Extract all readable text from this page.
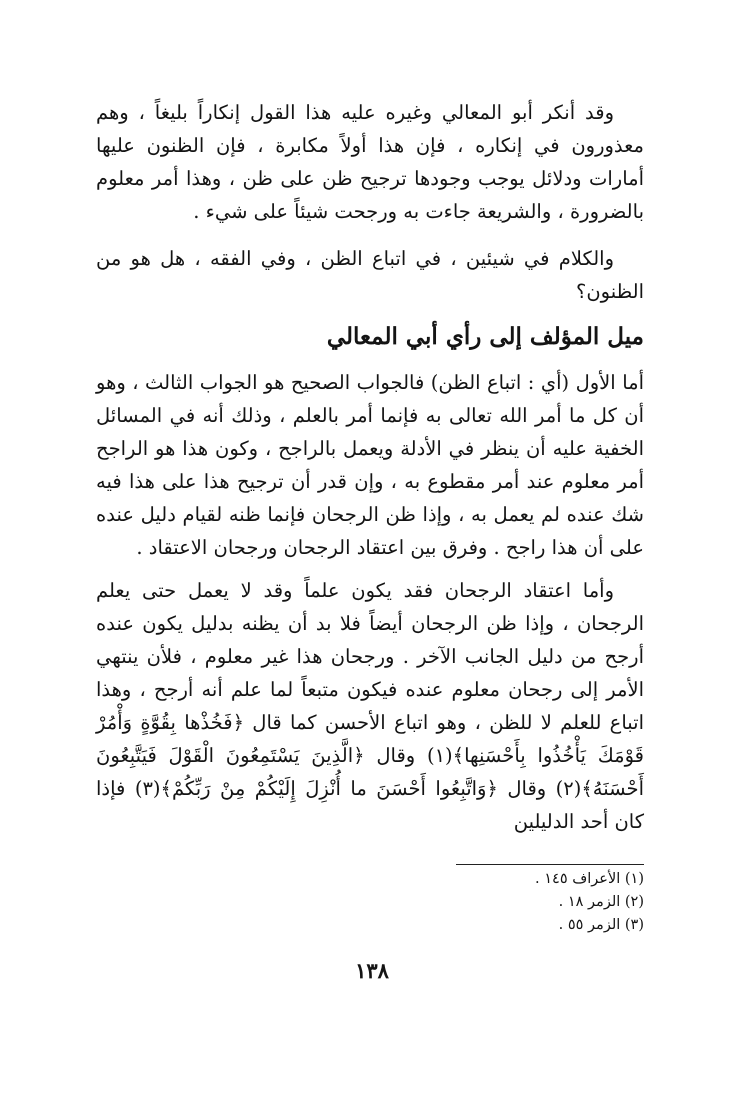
وقد أنكر أبو المعالي وغيره عليه هذا القول إنكاراً بليغاً ، وهم معذورون في إنكاره ، فإن هذا أولاً مكابرة ، فإن الظنون عليها أمارات ودلائل يوجب وجودها ترجيح ظن على ظن ، وهذا أمر معلوم بالضرورة ، والشريعة جاءت به ورجحت شيئاً على شيء .

والكلام في شيئين ، في اتباع الظن ، وفي الفقه ، هل هو من الظنون؟

ميل المؤلف إلى رأي أبي المعالي

أما الأول (أي : اتباع الظن) فالجواب الصحيح هو الجواب الثالث ، وهو أن كل ما أمر الله تعالى به فإنما أمر بالعلم ، وذلك أنه في المسائل الخفية عليه أن ينظر في الأدلة ويعمل بالراجح ، وكون هذا هو الراجح أمر معلوم عند أمر مقطوع به ، وإن قدر أن ترجيح هذا على هذا فيه شك عنده لم يعمل به ، وإذا ظن الرجحان فإنما ظنه لقيام دليل عنده على أن هذا راجح . وفرق بين اعتقاد الرجحان ورجحان الاعتقاد .

وأما اعتقاد الرجحان فقد يكون علماً وقد لا يعمل حتى يعلم الرجحان ، وإذا ظن الرجحان أيضاً فلا بد أن يظنه بدليل يكون عنده أرجح من دليل الجانب الآخر . ورجحان هذا غير معلوم ، فلأن ينتهي الأمر إلى رجحان معلوم عنده فيكون متبعاً لما علم أنه أرجح ، وهذا اتباع للعلم لا للظن ، وهو اتباع الأحسن كما قال ﴿فَخُذْها بِقُوَّةٍ وَأْمُرْ قَوْمَكَ يَأْخُذُوا بِأَحْسَنِها﴾(١) وقال ﴿الَّذِينَ يَسْتَمِعُونَ الْقَوْلَ فَيَتَّبِعُونَ أَحْسَنَهُ﴾(٢) وقال ﴿وَاتَّبِعُوا أَحْسَنَ ما أُنْزِلَ إِلَيْكُمْ مِنْ رَبِّكُمْ﴾(٣) فإذا كان أحد الدليلين

(١) الأعراف ١٤٥ .
(٢) الزمر ١٨ .
(٣) الزمر ٥٥ .
١٣٨
